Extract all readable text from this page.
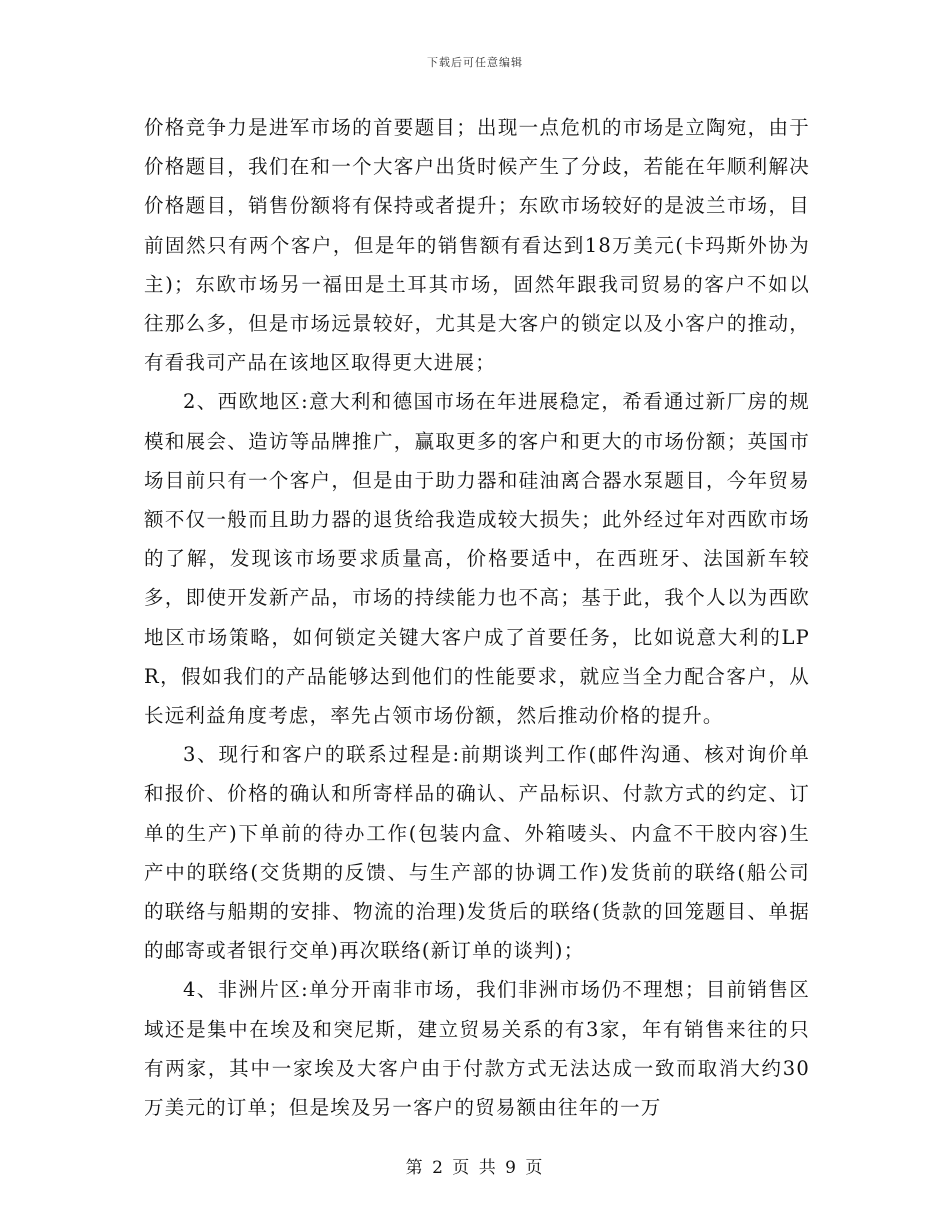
下载后可任意编辑

价格竞争力是进军市场的首要题目；出现一点危机的市场是立陶宛，由于价格题目，我们在和一个大客户出货时候产生了分歧，若能在年顺利解决价格题目，销售份额将有保持或者提升；东欧市场较好的是波兰市场，目前固然只有两个客户，但是年的销售额有看达到18万美元(卡玛斯外协为主)；东欧市场另一福田是土耳其市场，固然年跟我司贸易的客户不如以往那么多，但是市场远景较好，尤其是大客户的锁定以及小客户的推动，有看我司产品在该地区取得更大进展；

2、西欧地区:意大利和德国市场在年进展稳定，希看通过新厂房的规模和展会、造访等品牌推广，赢取更多的客户和更大的市场份额；英国市场目前只有一个客户，但是由于助力器和硅油离合器水泵题目，今年贸易额不仅一般而且助力器的退货给我造成较大损失；此外经过年对西欧市场的了解，发现该市场要求质量高，价格要适中，在西班牙、法国新车较多，即使开发新产品，市场的持续能力也不高；基于此，我个人以为西欧地区市场策略，如何锁定关键大客户成了首要任务，比如说意大利的LPR，假如我们的产品能够达到他们的性能要求，就应当全力配合客户，从长远利益角度考虑，率先占领市场份额，然后推动价格的提升。

3、现行和客户的联系过程是:前期谈判工作(邮件沟通、核对询价单和报价、价格的确认和所寄样品的确认、产品标识、付款方式的约定、订单的生产)下单前的待办工作(包装内盒、外箱唛头、内盒不干胶内容)生产中的联络(交货期的反馈、与生产部的协调工作)发货前的联络(船公司的联络与船期的安排、物流的治理)发货后的联络(货款的回笼题目、单据的邮寄或者银行交单)再次联络(新订单的谈判)；

4、非洲片区:单分开南非市场，我们非洲市场仍不理想；目前销售区域还是集中在埃及和突尼斯，建立贸易关系的有3家，年有销售来往的只有两家，其中一家埃及大客户由于付款方式无法达成一致而取消大约30万美元的订单；但是埃及另一客户的贸易额由往年的一万

第 2 页 共 9 页
